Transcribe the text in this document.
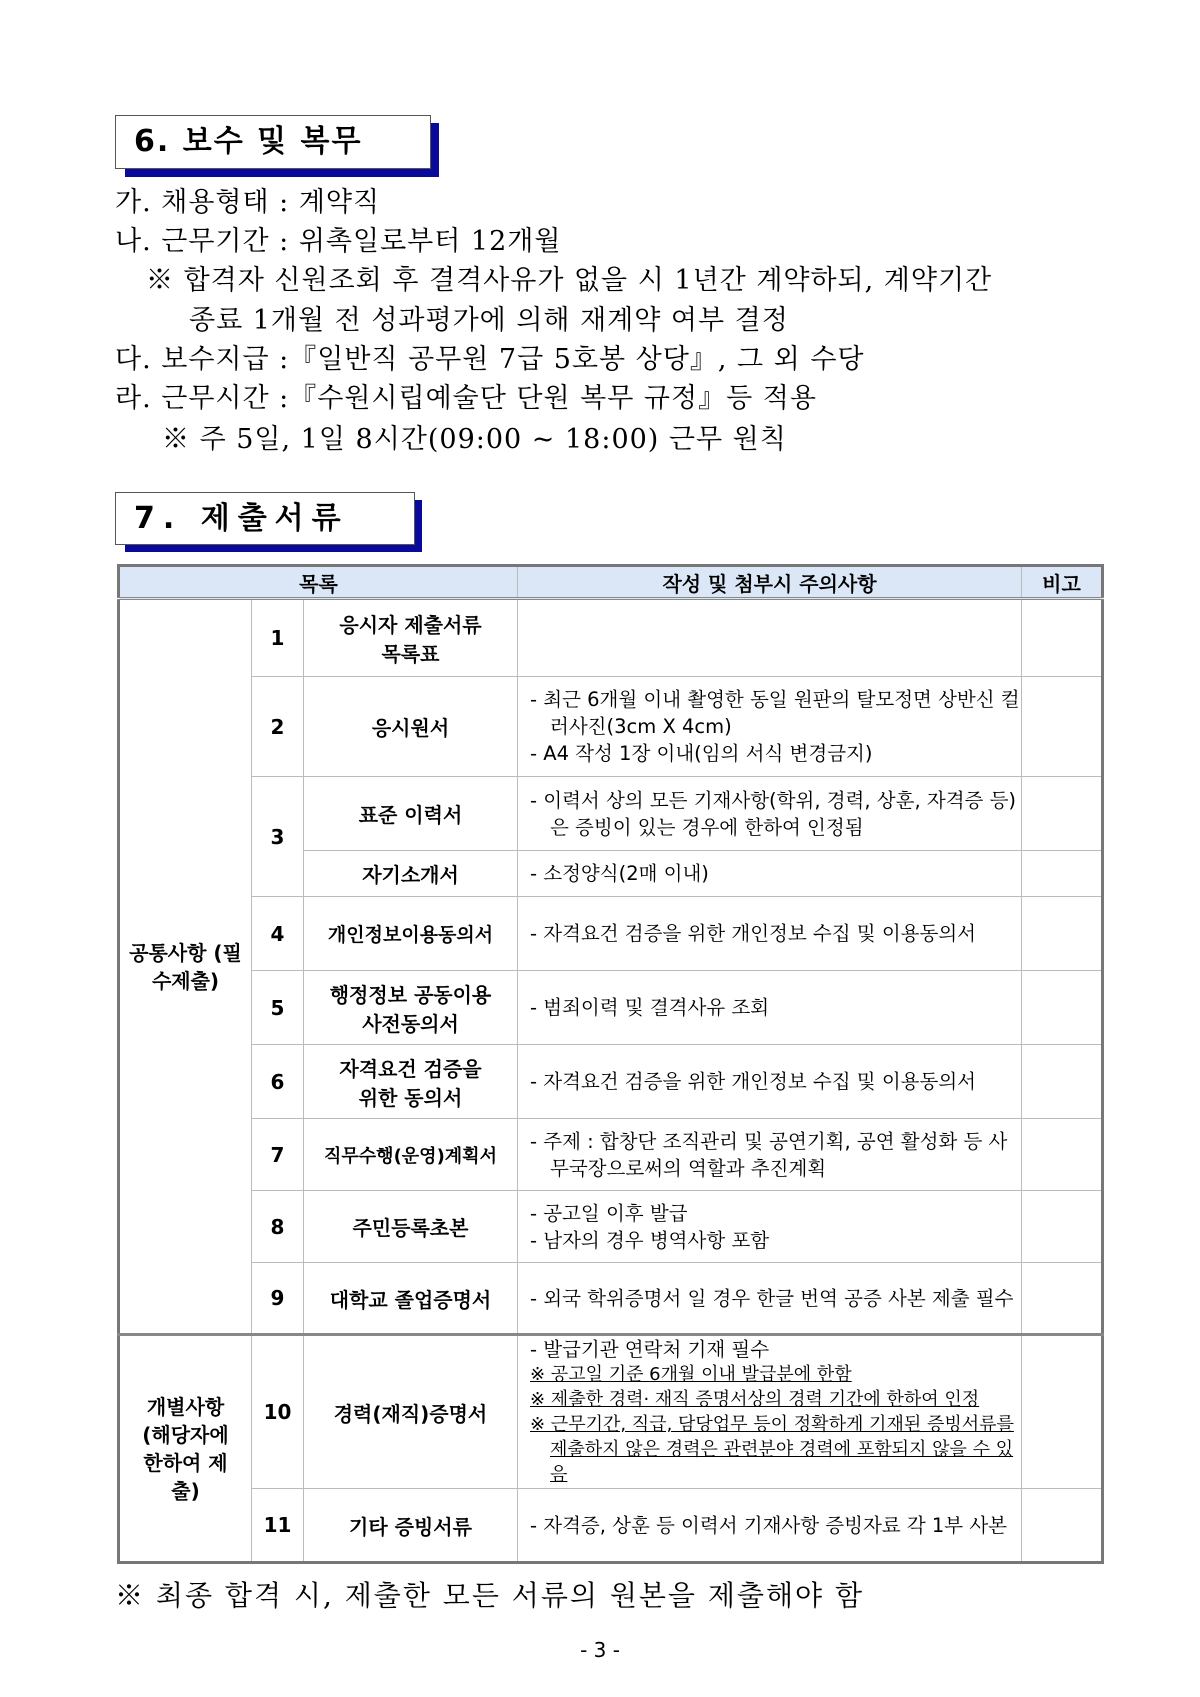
6. 보수 및 복무
가. 채용형태 : 계약직
나. 근무기간 : 위촉일로부터 12개월
※ 합격자 신원조회 후 결격사유가 없을 시 1년간 계약하되, 계약기간
종료 1개월 전 성과평가에 의해 재계약 여부 결정
다. 보수지급 :『일반직 공무원 7급 5호봉 상당』, 그 외 수당
라. 근무시간 :『수원시립예술단 단원 복무 규정』등 적용
※ 주 5일, 1일 8시간(09:00 ~ 18:00) 근무 원칙
7. 제출서류
목록			작성 및 첨부시 주의사항	비고
공통사항 (필수제출)	1	응시자 제출서류 목록표		
	2	응시원서	- 최근 6개월 이내 촬영한 동일 원판의 탈모정면 상반신 컬러사진(3cm X 4cm)
- A4 작성 1장 이내(임의 서식 변경금지)	

	3	표준 이력서	- 이력서 상의 모든 기재사항(학위, 경력, 상훈, 자격증 등)은 증빙이 있는 경우에 한하여 인정됨	

		자기소개서	- 소정양식(2매 이내)	

	4	개인정보이용동의서	- 자격요건 검증을 위한 개인정보 수집 및 이용동의서	

	5	행정정보 공동이용 사전동의서	- 범죄이력 및 결격사유 조회	

	6	자격요건 검증을 위한 동의서	- 자격요건 검증을 위한 개인정보 수집 및 이용동의서	

	7	직무수행(운영)계획서	- 주제 : 합창단 조직관리 및 공연기획, 공연 활성화 등 사무국장으로써의 역할과 추진계획	

	8	주민등록초본	- 공고일 이후 발급
- 남자의 경우 병역사항 포함	

	9	대학교 졸업증명서	- 외국 학위증명서 일 경우 한글 번역 공증 사본 제출 필수	

개별사항 (해당자에 한하여 제출)	10	경력(재직)증명서	- 발급기관 연락처 기재 필수
※ 공고일 기준 6개월 이내 발급분에 한함
※ 제출한 경력· 재직 증명서상의 경력 기간에 한하여 인정
※ 근무기간, 직급, 담당업무 등이 정확하게 기재된 증빙서류를 제출하지 않은 경력은 관련분야 경력에 포함되지 않을 수 있음	

	11	기타 증빙서류	- 자격증, 상훈 등 이력서 기재사항 증빙자료 각 1부 사본	

※ 최종 합격 시, 제출한 모든 서류의 원본을 제출해야 함
- 3 -
